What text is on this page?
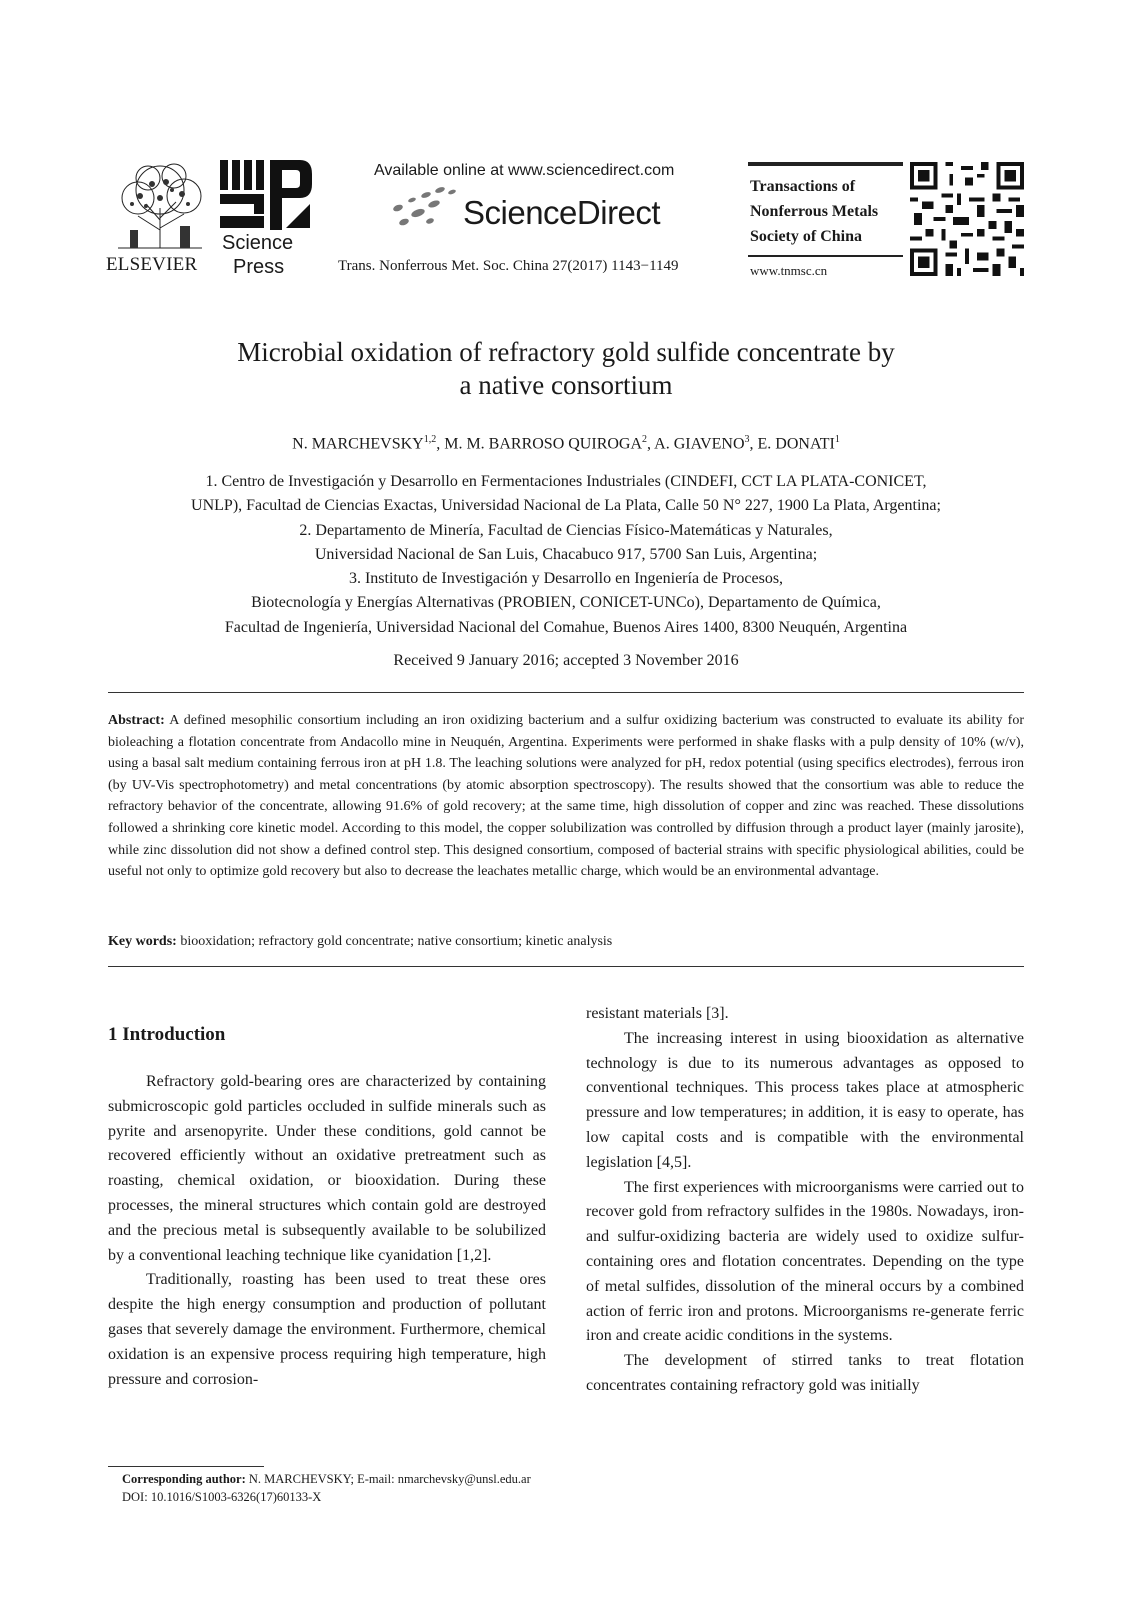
ELSEVIER
Science
Press
Available online at www.sciencedirect.com
ScienceDirect
Trans. Nonferrous Met. Soc. China 27(2017) 1143−1149
Transactions of
Nonferrous Metals
Society of China
www.tnmsc.cn
Microbial oxidation of refractory gold sulfide concentrate by
a native consortium
N. MARCHEVSKY$^{1,2}$, M. M. BARROSO QUIROGA$^2$, A. GIAVENO$^3$, E. DONATI$^1$
1. Centro de Investigación y Desarrollo en Fermentaciones Industriales (CINDEFI, CCT LA PLATA-CONICET,
UNLP), Facultad de Ciencias Exactas, Universidad Nacional de La Plata, Calle 50 N° 227, 1900 La Plata, Argentina;
2. Departamento de Minería, Facultad de Ciencias Físico-Matemáticas y Naturales,
Universidad Nacional de San Luis, Chacabuco 917, 5700 San Luis, Argentina;
3. Instituto de Investigación y Desarrollo en Ingeniería de Procesos,
Biotecnología y Energías Alternativas (PROBIEN, CONICET-UNCo), Departamento de Química,
Facultad de Ingeniería, Universidad Nacional del Comahue, Buenos Aires 1400, 8300 Neuquén, Argentina
Received 9 January 2016; accepted 3 November 2016
Abstract: A defined mesophilic consortium including an iron oxidizing bacterium and a sulfur oxidizing bacterium was constructed to evaluate its ability for bioleaching a flotation concentrate from Andacollo mine in Neuquén, Argentina. Experiments were performed in shake flasks with a pulp density of 10% (w/v), using a basal salt medium containing ferrous iron at pH 1.8. The leaching solutions were analyzed for pH, redox potential (using specifics electrodes), ferrous iron (by UV-Vis spectrophotometry) and metal concentrations (by atomic absorption spectroscopy). The results showed that the consortium was able to reduce the refractory behavior of the concentrate, allowing 91.6% of gold recovery; at the same time, high dissolution of copper and zinc was reached. These dissolutions followed a shrinking core kinetic model. According to this model, the copper solubilization was controlled by diffusion through a product layer (mainly jarosite), while zinc dissolution did not show a defined control step. This designed consortium, composed of bacterial strains with specific physiological abilities, could be useful not only to optimize gold recovery but also to decrease the leachates metallic charge, which would be an environmental advantage.
Key words: biooxidation; refractory gold concentrate; native consortium; kinetic analysis
1 Introduction

Refractory gold-bearing ores are characterized by containing submicroscopic gold particles occluded in sulfide minerals such as pyrite and arsenopyrite. Under these conditions, gold cannot be recovered efficiently without an oxidative pretreatment such as roasting, chemical oxidation, or biooxidation. During these processes, the mineral structures which contain gold are destroyed and the precious metal is subsequently available to be solubilized by a conventional leaching technique like cyanidation [1,2].

Traditionally, roasting has been used to treat these ores despite the high energy consumption and production of pollutant gases that severely damage the environment. Furthermore, chemical oxidation is an expensive process requiring high temperature, high pressure and corrosion-

resistant materials [3].

The increasing interest in using biooxidation as alternative technology is due to its numerous advantages as opposed to conventional techniques. This process takes place at atmospheric pressure and low temperatures; in addition, it is easy to operate, has low capital costs and is compatible with the environmental legislation [4,5].

The first experiences with microorganisms were carried out to recover gold from refractory sulfides in the 1980s. Nowadays, iron- and sulfur-oxidizing bacteria are widely used to oxidize sulfur-containing ores and flotation concentrates. Depending on the type of metal sulfides, dissolution of the mineral occurs by a combined action of ferric iron and protons. Microorganisms re-generate ferric iron and create acidic conditions in the systems.

The development of stirred tanks to treat flotation concentrates containing refractory gold was initially

Corresponding author: N. MARCHEVSKY; E-mail: nmarchevsky@unsl.edu.ar
DOI: 10.1016/S1003-6326(17)60133-X
